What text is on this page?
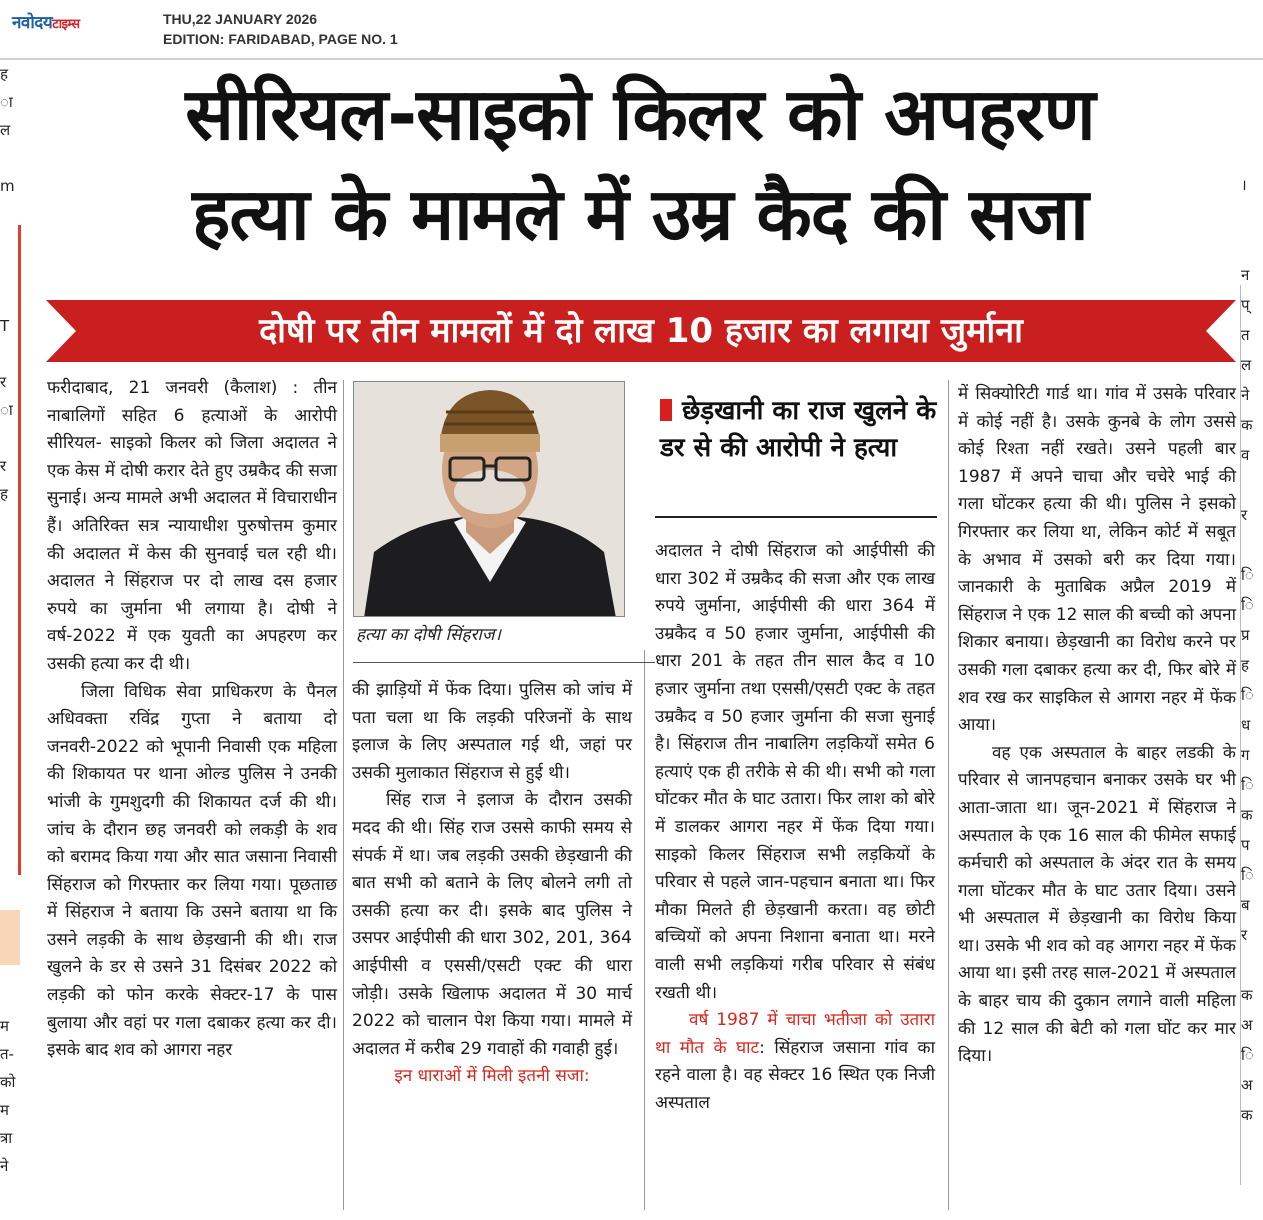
नवोदयटाइम्स	THU,22 JANUARY 2026
EDITION: FARIDABAD, PAGE NO. 1
ह
ा
ल

m

T

र
ा

र
ह

म
त-
को
म
त्रा
ने
।

न
प्
त
ल
ने
क
व

र

ि
ि
प्र
ह
ि
ध
ग
ि
क
प
ि
ब
र

क
अ
ि
अ
क
सीरियल-साइको किलर को अपहरण
हत्या के मामले में उम्र कैद की सजा
दोषी पर तीन मामलों में दो लाख 10 हजार का लगाया जुर्माना

फरीदाबाद, 21 जनवरी (कैलाश) : तीन नाबालिगों सहित 6 हत्याओं के आरोपी सीरियल- साइको किलर को जिला अदालत ने एक केस में दोषी करार देते हुए उम्रकैद की सजा सुनाई। अन्य मामले अभी अदालत में विचाराधीन हैं। अतिरिक्त सत्र न्यायाधीश पुरुषोत्तम कुमार की अदालत में केस की सुनवाई चल रही थी। अदालत ने सिंहराज पर दो लाख दस हजार रुपये का जुर्माना भी लगाया है। दोषी ने वर्ष-2022 में एक युवती का अपहरण कर उसकी हत्या कर दी थी।

जिला विधिक सेवा प्राधिकरण के पैनल अधिवक्ता रविंद्र गुप्ता ने बताया दो जनवरी-2022 को भूपानी निवासी एक महिला की शिकायत पर थाना ओल्ड पुलिस ने उनकी भांजी के गुमशुदगी की शिकायत दर्ज की थी। जांच के दौरान छह जनवरी को लकड़ी के शव को बरामद किया गया और सात जसाना निवासी सिंहराज को गिरफ्तार कर लिया गया। पूछताछ में सिंहराज ने बताया कि उसने बताया था कि उसने लड़की के साथ छेड़खानी की थी। राज खुलने के डर से उसने 31 दिसंबर 2022 को लड़की को फोन करके सेक्टर-17 के पास बुलाया और वहां पर गला दबाकर हत्या कर दी। इसके बाद शव को आगरा नहर

हत्या का दोषी सिंहराज।

की झाड़ियों में फेंक दिया। पुलिस को जांच में पता चला था कि लड़की परिजनों के साथ इलाज के लिए अस्पताल गई थी, जहां पर उसकी मुलाकात सिंहराज से हुई थी।

सिंह राज ने इलाज के दौरान उसकी मदद की थी। सिंह राज उससे काफी समय से संपर्क में था। जब लड़की उसकी छेड़खानी की बात सभी को बताने के लिए बोलने लगी तो उसकी हत्या कर दी। इसके बाद पुलिस ने उसपर आईपीसी की धारा 302, 201, 364 आईपीसी व एससी/एसटी एक्ट की धारा जोड़ी। उसके खिलाफ अदालत में 30 मार्च 2022 को चालान पेश किया गया। मामले में अदालत में करीब 29 गवाहों की गवाही हुई।

इन धाराओं में मिली इतनी सजा:

छेड़खानी का राज खुलने के डर से की आरोपी ने हत्या

अदालत ने दोषी सिंहराज को आईपीसी की धारा 302 में उम्रकैद की सजा और एक लाख रुपये जुर्माना, आईपीसी की धारा 364 में उम्रकैद व 50 हजार जुर्माना, आईपीसी की धारा 201 के तहत तीन साल कैद व 10 हजार जुर्माना तथा एससी/एसटी एक्ट के तहत उम्रकैद व 50 हजार जुर्माना की सजा सुनाई है। सिंहराज तीन नाबालिग लड़कियों समेत 6 हत्याएं एक ही तरीके से की थी। सभी को गला घोंटकर मौत के घाट उतारा। फिर लाश को बोरे में डालकर आगरा नहर में फेंक दिया गया। साइको किलर सिंहराज सभी लड़कियों के परिवार से पहले जान-पहचान बनाता था। फिर मौका मिलते ही छेड़खानी करता। वह छोटी बच्चियों को अपना निशाना बनाता था। मरने वाली सभी लड़कियां गरीब परिवार से संबंध रखती थी।

वर्ष 1987 में चाचा भतीजा को उतारा था मौत के घाट: सिंहराज जसाना गांव का रहने वाला है। वह सेक्टर 16 स्थित एक निजी अस्पताल

में सिक्योरिटी गार्ड था। गांव में उसके परिवार में कोई नहीं है। उसके कुनबे के लोग उससे कोई रिश्ता नहीं रखते। उसने पहली बार 1987 में अपने चाचा और चचेरे भाई की गला घोंटकर हत्या की थी। पुलिस ने इसको गिरफ्तार कर लिया था, लेकिन कोर्ट में सबूत के अभाव में उसको बरी कर दिया गया। जानकारी के मुताबिक अप्रैल 2019 में सिंहराज ने एक 12 साल की बच्ची को अपना शिकार बनाया। छेड़खानी का विरोध करने पर उसकी गला दबाकर हत्या कर दी, फिर बोरे में शव रख कर साइकिल से आगरा नहर में फेंक आया।

वह एक अस्पताल के बाहर लडकी के परिवार से जानपहचान बनाकर उसके घर भी आता-जाता था। जून-2021 में सिंहराज ने अस्पताल के एक 16 साल की फीमेल सफाई कर्मचारी को अस्पताल के अंदर रात के समय गला घोंटकर मौत के घाट उतार दिया। उसने भी अस्पताल में छेड़खानी का विरोध किया था। उसके भी शव को वह आगरा नहर में फेंक आया था। इसी तरह साल-2021 में अस्पताल के बाहर चाय की दुकान लगाने वाली महिला की 12 साल की बेटी को गला घोंट कर मार दिया।
